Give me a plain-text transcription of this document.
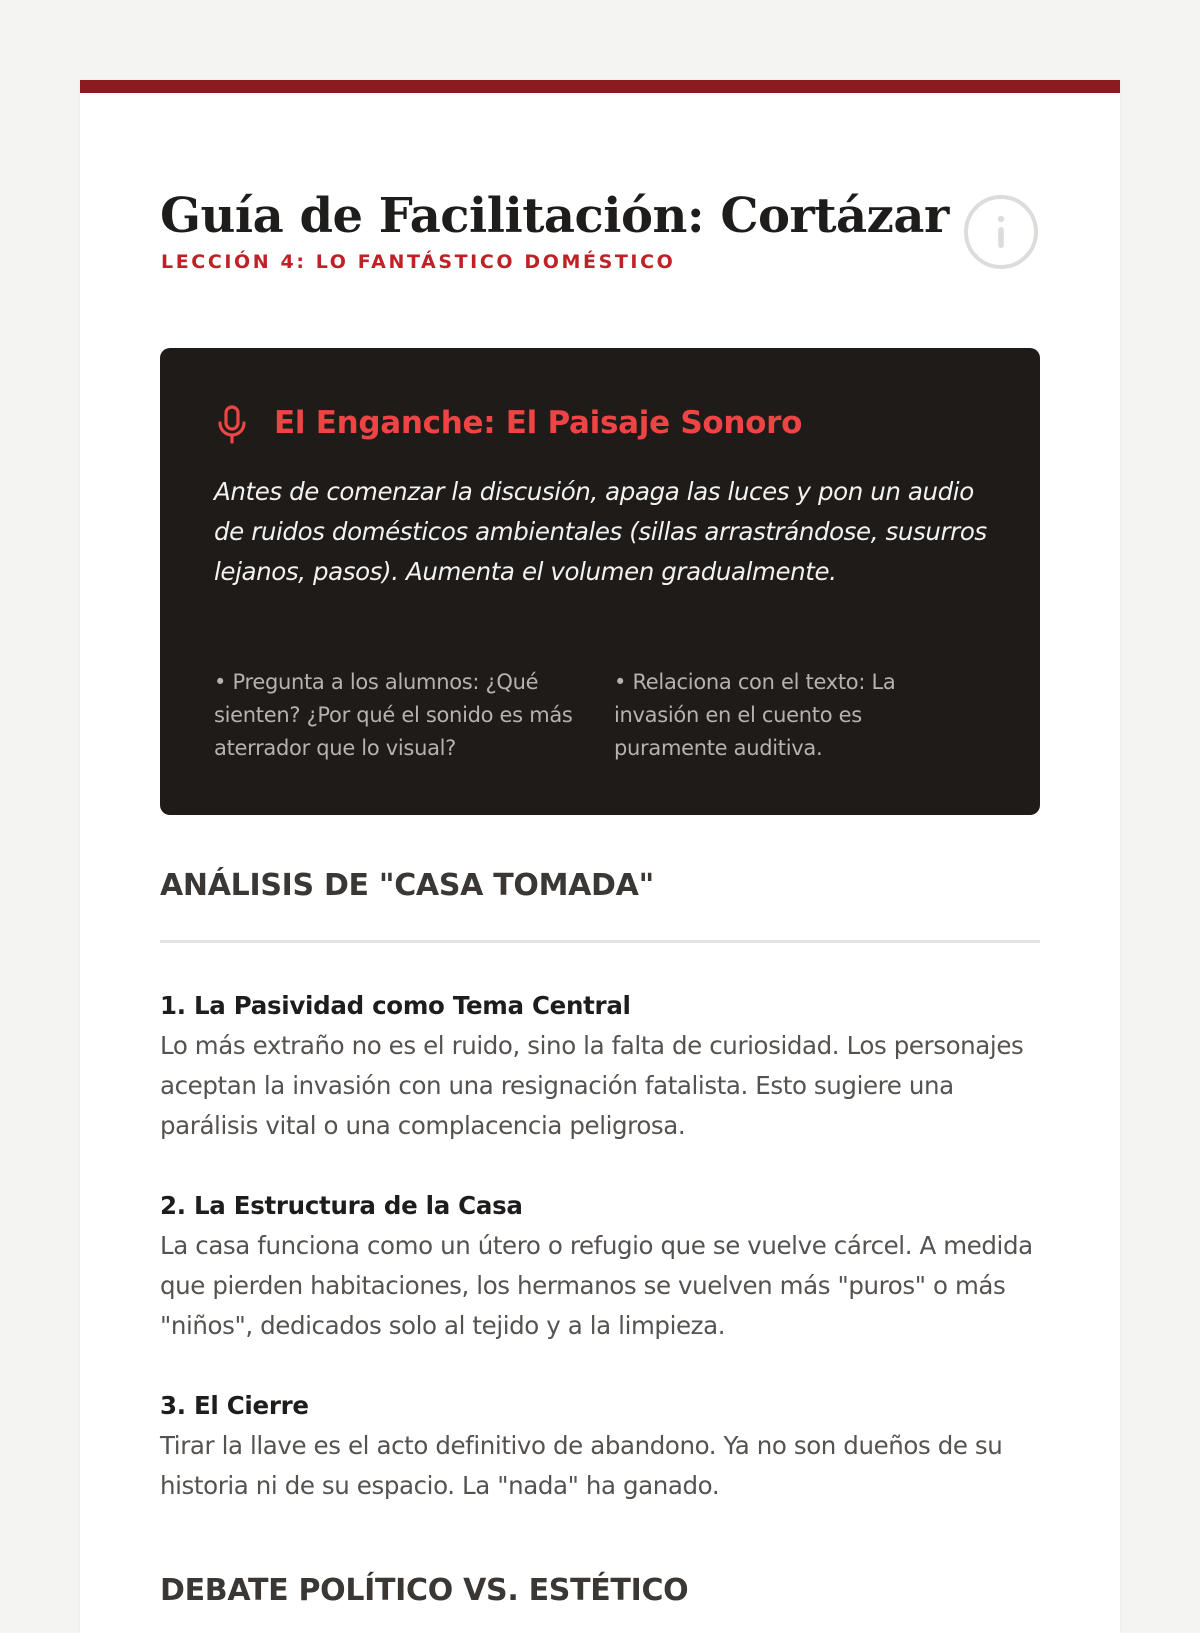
Guía de Facilitación: Cortázar
LECCIÓN 4: LO FANTÁSTICO DOMÉSTICO
El Enganche: El Paisaje Sonoro

Antes de comenzar la discusión, apaga las luces y pon un audio de ruidos domésticos ambientales (sillas arrastrándose, susurros lejanos, pasos). Aumenta el volumen gradualmente.

• Pregunta a los alumnos: ¿Qué sienten? ¿Por qué el sonido es más aterrador que lo visual?

• Relaciona con el texto: La invasión en el cuento es puramente auditiva.

ANÁLISIS DE "CASA TOMADA"
1. La Pasividad como Tema Central

Lo más extraño no es el ruido, sino la falta de curiosidad. Los personajes aceptan la invasión con una resignación fatalista. Esto sugiere una parálisis vital o una complacencia peligrosa.

2. La Estructura de la Casa

La casa funciona como un útero o refugio que se vuelve cárcel. A medida que pierden habitaciones, los hermanos se vuelven más "puros" o más "niños", dedicados solo al tejido y a la limpieza.

3. El Cierre

Tirar la llave es el acto definitivo de abandono. Ya no son dueños de su historia ni de su espacio. La "nada" ha ganado.

DEBATE POLÍTICO VS. ESTÉTICO
